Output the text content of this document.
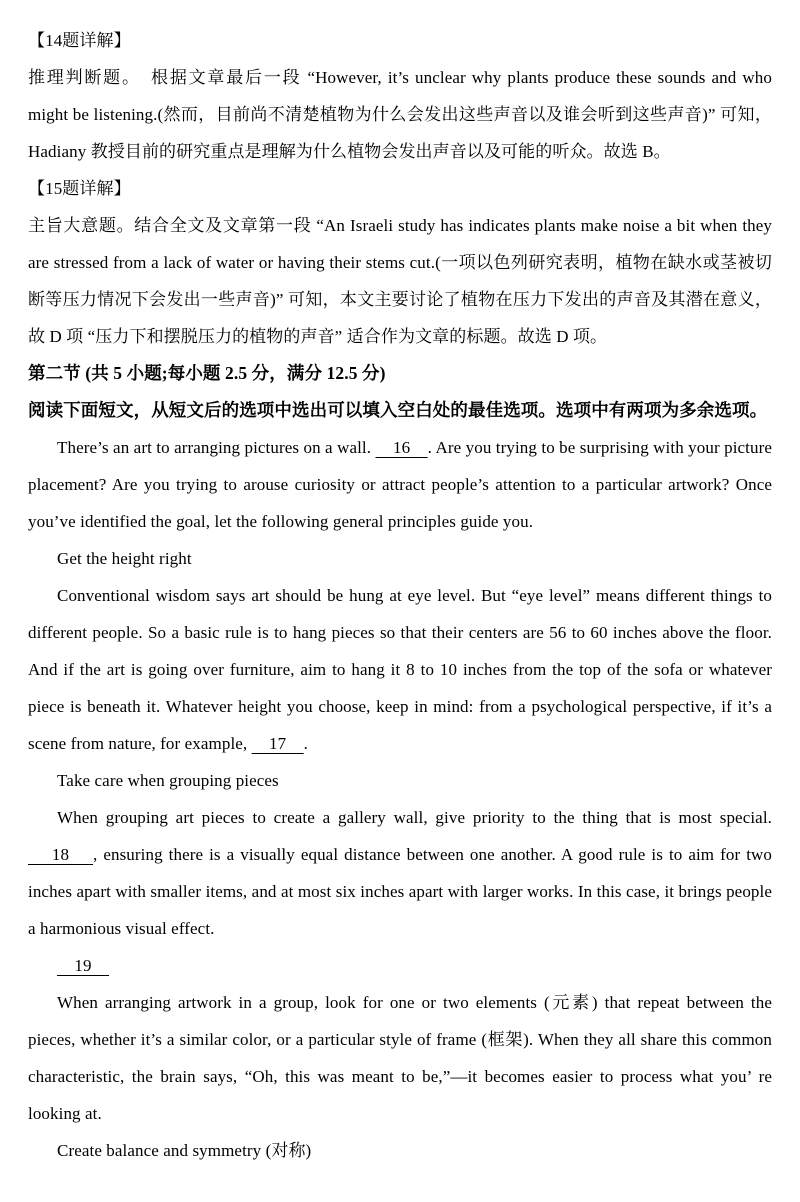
【14题详解】

推理判断题。　根据文章最后一段 “However, it’s unclear why plants produce these sounds and who might be listening.(然而，目前尚不清楚植物为什么会发出这些声音以及谁会听到这些声音)” 可知，Hadiany 教授目前的研究重点是理解为什么植物会发出声音以及可能的听众。故选 B。

【15题详解】

主旨大意题。结合全文及文章第一段 “An Israeli study has indicates plants make noise a bit when they are stressed from a lack of water or having their stems cut.(一项以色列研究表明，植物在缺水或茎被切断等压力情况下会发出一些声音)” 可知，本文主要讨论了植物在压力下发出的声音及其潜在意义，故 D 项 “压力下和摆脱压力的植物的声音” 适合作为文章的标题。故选 D 项。

第二节 (共 5 小题;每小题 2.5 分，满分 12.5 分)

阅读下面短文，从短文后的选项中选出可以填入空白处的最佳选项。选项中有两项为多余选项。

There’s an art to arranging pictures on a wall.     16    . Are you trying to be surprising with your picture placement? Are you trying to arouse curiosity or attract people’s attention to a particular artwork? Once you’ve identified the goal, let the following general principles guide you.

Get the height right

Conventional wisdom says art should be hung at eye level. But “eye level” means different things to different people. So a basic rule is to hang pieces so that their centers are 56 to 60 inches above the floor. And if the art is going over furniture, aim to hang it 8 to 10 inches from the top of the sofa or whatever piece is beneath it. Whatever height you choose, keep in mind: from a psychological perspective, if it’s a scene from nature, for example,     17    .

Take care when grouping pieces

When grouping art pieces to create a gallery wall, give priority to the thing that is most special.     18    , ensuring there is a visually equal distance between one another. A good rule is to aim for two inches apart with smaller items, and at most six inches apart with larger works. In this case, it brings people a harmonious visual effect.

19

When arranging artwork in a group, look for one or two elements (元素) that repeat between the pieces, whether it’s a similar color, or a particular style of frame (框架). When they all share this common characteristic, the brain says, “Oh, this was meant to be,”—it becomes easier to process what you’ re looking at.

Create balance and symmetry (对称)
